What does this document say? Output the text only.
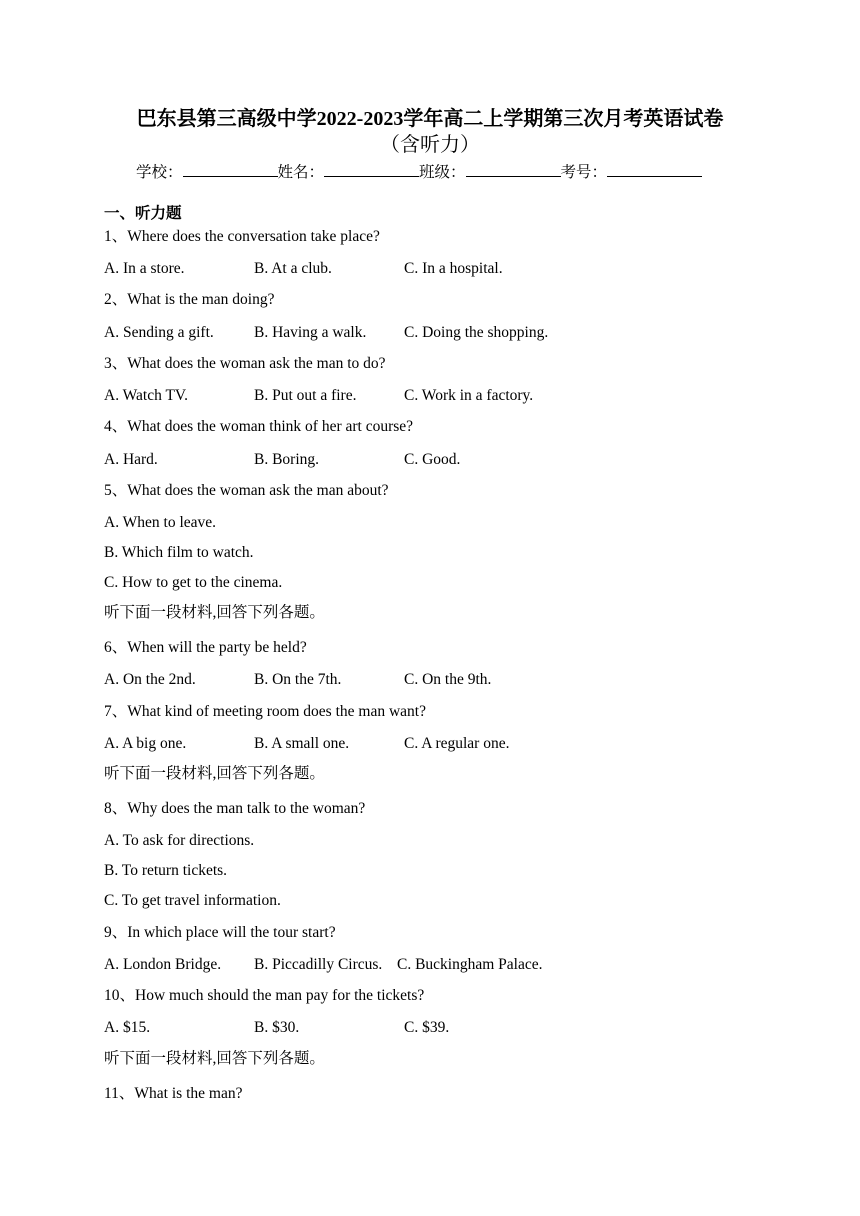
巴东县第三高级中学2022-2023学年高二上学期第三次月考英语试卷
（含听力）
学校：	姓名：	班级：	考号：
一、听力题
1、Where does the conversation take place?
A. In a store.	B. At a club.	C. In a hospital.
2、What is the man doing?
A. Sending a gift.	B. Having a walk. C. Doing the shopping.
3、What does the woman ask the man to do?
A. Watch TV.	B. Put out a fire.	C. Work in a factory.
4、What does the woman think of her art course?
A. Hard.	B. Boring.	C. Good.
5、What does the woman ask the man about?
A. When to leave.
B. Which film to watch.
C. How to get to the cinema.
听下面一段材料,回答下列各题。
6、When will the party be held?
A. On the 2nd.	B. On the 7th.	C. On the 9th.
7、What kind of meeting room does the man want?
A. A big one.	B. A small one.	C. A regular one.
听下面一段材料,回答下列各题。
8、Why does the man talk to the woman?
A. To ask for directions.
B. To return tickets.
C. To get travel information.
9、In which place will the tour start?
A. London Bridge. B. Piccadilly Circus. C. Buckingham Palace.
10、How much should the man pay for the tickets?
A. $15.	B. $30.	C. $39.
听下面一段材料,回答下列各题。
11、What is the man?
